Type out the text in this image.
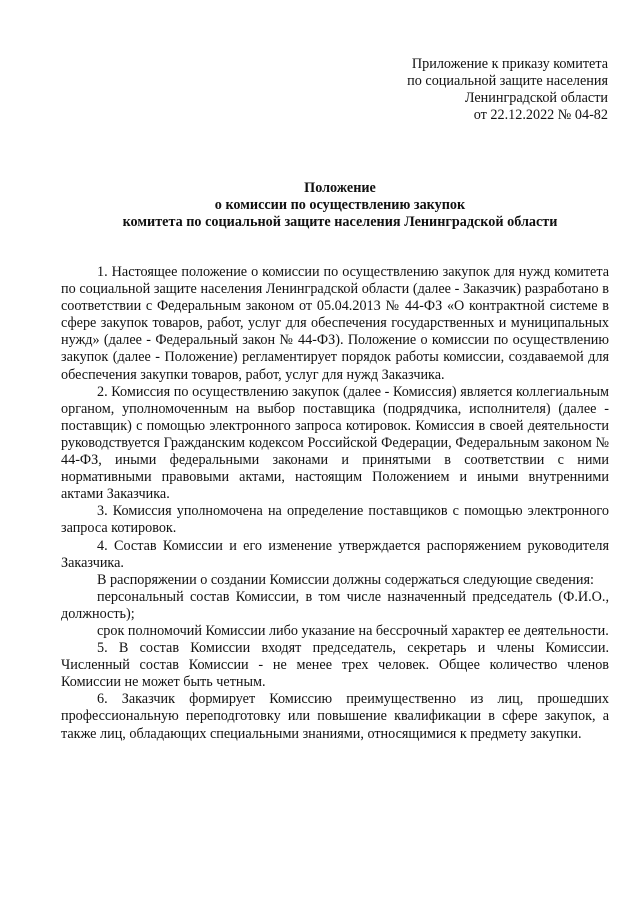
Приложение к приказу комитета
по социальной защите населения
Ленинградской области
от 22.12.2022 № 04-82
Положение
о комиссии по осуществлению закупок
комитета по социальной защите населения Ленинградской области

1. Настоящее положение о комиссии по осуществлению закупок для нужд комитета по социальной защите населения Ленинградской области (далее - Заказчик) разработано в соответствии с Федеральным законом от 05.04.2013 № 44-ФЗ «О контрактной системе в сфере закупок товаров, работ, услуг для обеспечения государственных и муниципальных нужд» (далее - Федеральный закон № 44-ФЗ). Положение о комиссии по осуществлению закупок (далее - Положение) регламентирует порядок работы комиссии, создаваемой для обеспечения закупки товаров, работ, услуг для нужд Заказчика.

2. Комиссия по осуществлению закупок (далее - Комиссия) является коллегиальным органом, уполномоченным на выбор поставщика (подрядчика, исполнителя) (далее - поставщик) с помощью электронного запроса котировок. Комиссия в своей деятельности руководствуется Гражданским кодексом Российской Федерации, Федеральным законом № 44-ФЗ, иными федеральными законами и принятыми в соответствии с ними нормативными правовыми актами, настоящим Положением и иными внутренними актами Заказчика.

3. Комиссия уполномочена на определение поставщиков с помощью электронного запроса котировок.

4. Состав Комиссии и его изменение утверждается распоряжением руководителя Заказчика.

В распоряжении о создании Комиссии должны содержаться следующие сведения:

персональный состав Комиссии, в том числе назначенный председатель (Ф.И.О., должность);

срок полномочий Комиссии либо указание на бессрочный характер ее деятельности.

5. В состав Комиссии входят председатель, секретарь и члены Комиссии. Численный состав Комиссии - не менее трех человек. Общее количество членов Комиссии не может быть четным.

6. Заказчик формирует Комиссию преимущественно из лиц, прошедших профессиональную переподготовку или повышение квалификации в сфере закупок, а также лиц, обладающих специальными знаниями, относящимися к предмету закупки.
